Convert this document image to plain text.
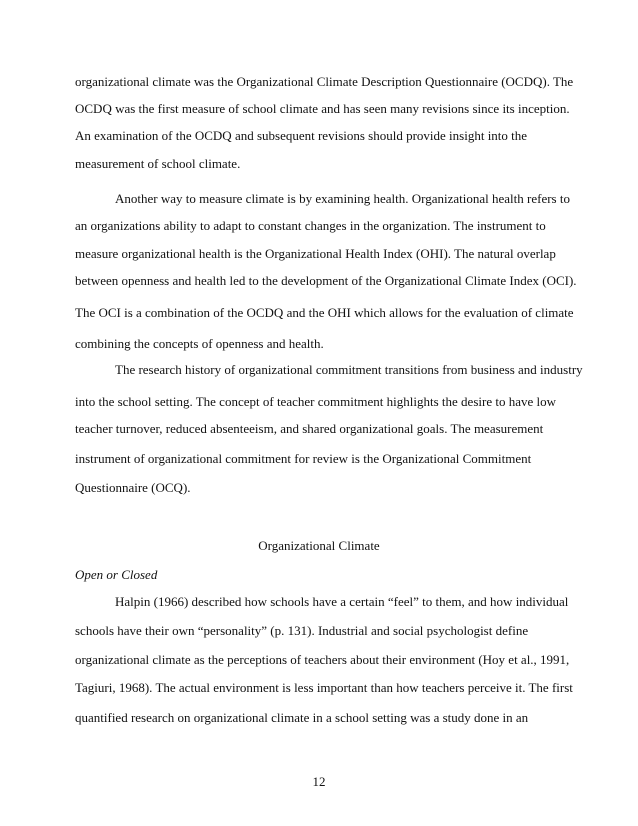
organizational climate was the Organizational Climate Description Questionnaire (OCDQ). The
OCDQ was the first measure of school climate and has seen many revisions since its inception.
An examination of the OCDQ and subsequent revisions should provide insight into the
measurement of school climate.
Another way to measure climate is by examining health. Organizational health refers to
an organizations ability to adapt to constant changes in the organization. The instrument to
measure organizational health is the Organizational Health Index (OHI). The natural overlap
between openness and health led to the development of the Organizational Climate Index (OCI).
The OCI is a combination of the OCDQ and the OHI which allows for the evaluation of climate
combining the concepts of openness and health.
The research history of organizational commitment transitions from business and industry
into the school setting. The concept of teacher commitment highlights the desire to have low
teacher turnover, reduced absenteeism, and shared organizational goals. The measurement
instrument of organizational commitment for review is the Organizational Commitment
Questionnaire (OCQ).
Organizational Climate
Open or Closed
Halpin (1966) described how schools have a certain “feel” to them, and how individual
schools have their own “personality” (p. 131). Industrial and social psychologist define
organizational climate as the perceptions of teachers about their environment (Hoy et al., 1991,
Tagiuri, 1968). The actual environment is less important than how teachers perceive it. The first
quantified research on organizational climate in a school setting was a study done in an
12
